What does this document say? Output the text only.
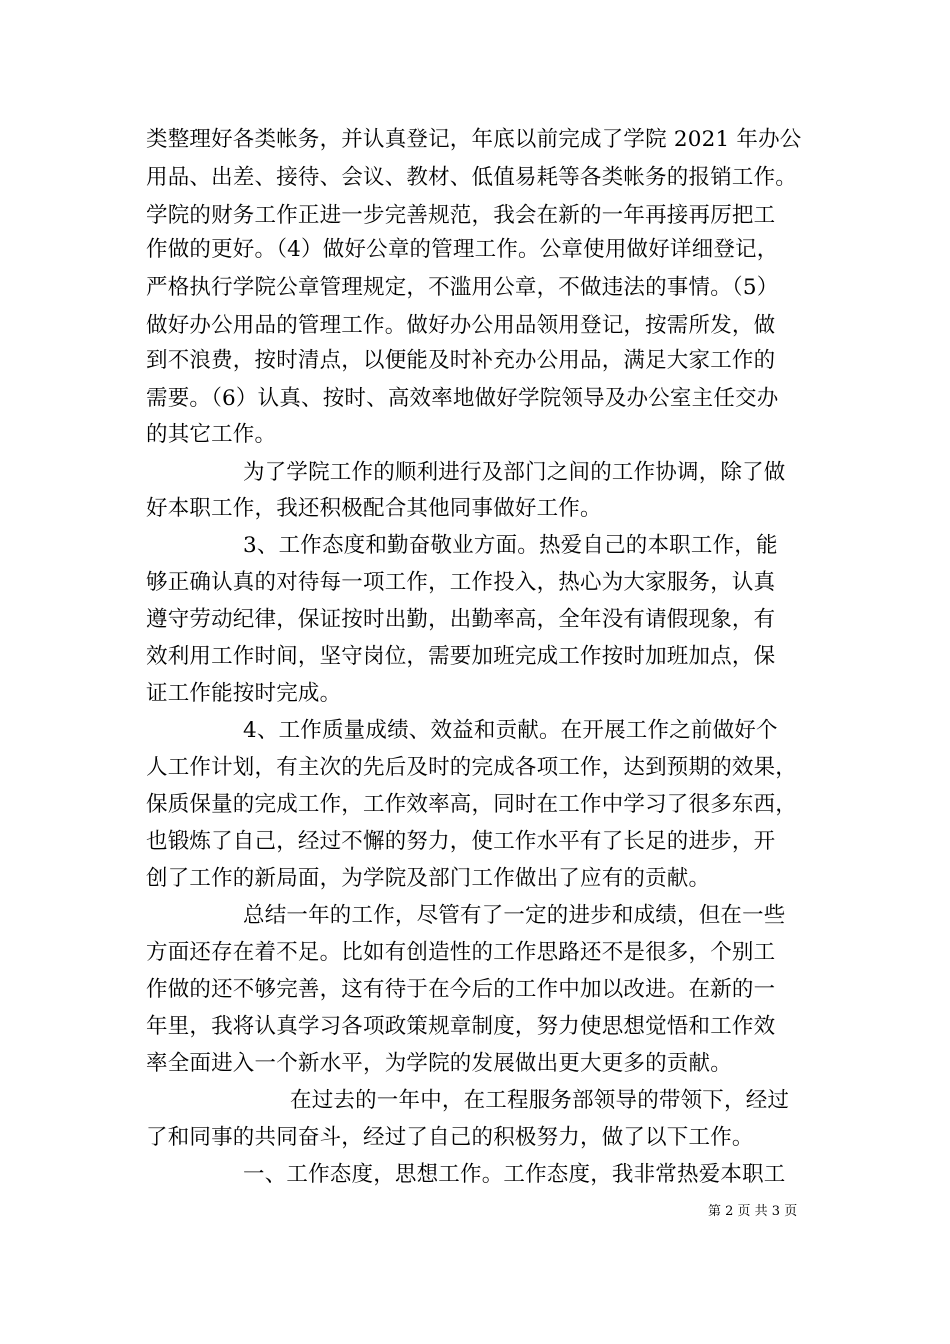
类整理好各类帐务，并认真登记，年底以前完成了学院 2021 年办公
用品、出差、接待、会议、教材、低值易耗等各类帐务的报销工作。
学院的财务工作正进一步完善规范，我会在新的一年再接再厉把工
作做的更好。（4）做好公章的管理工作。公章使用做好详细登记，
严格执行学院公章管理规定，不滥用公章，不做违法的事情。（5）
做好办公用品的管理工作。做好办公用品领用登记，按需所发，做
到不浪费，按时清点，以便能及时补充办公用品，满足大家工作的
需要。（6）认真、按时、高效率地做好学院领导及办公室主任交办
的其它工作。
为了学院工作的顺利进行及部门之间的工作协调，除了做
好本职工作，我还积极配合其他同事做好工作。
3、工作态度和勤奋敬业方面。热爱自己的本职工作，能
够正确认真的对待每一项工作，工作投入，热心为大家服务，认真
遵守劳动纪律，保证按时出勤，出勤率高，全年没有请假现象，有
效利用工作时间，坚守岗位，需要加班完成工作按时加班加点，保
证工作能按时完成。
4、工作质量成绩、效益和贡献。在开展工作之前做好个
人工作计划，有主次的先后及时的完成各项工作，达到预期的效果，
保质保量的完成工作，工作效率高，同时在工作中学习了很多东西，
也锻炼了自己，经过不懈的努力，使工作水平有了长足的进步，开
创了工作的新局面，为学院及部门工作做出了应有的贡献。
总结一年的工作，尽管有了一定的进步和成绩，但在一些
方面还存在着不足。比如有创造性的工作思路还不是很多，个别工
作做的还不够完善，这有待于在今后的工作中加以改进。在新的一
年里，我将认真学习各项政策规章制度，努力使思想觉悟和工作效
率全面进入一个新水平，为学院的发展做出更大更多的贡献。
在过去的一年中，在工程服务部领导的带领下，经过
了和同事的共同奋斗，经过了自己的积极努力，做了以下工作。
一、工作态度，思想工作。工作态度，我非常热爱本职工
第 2 页 共 3 页
